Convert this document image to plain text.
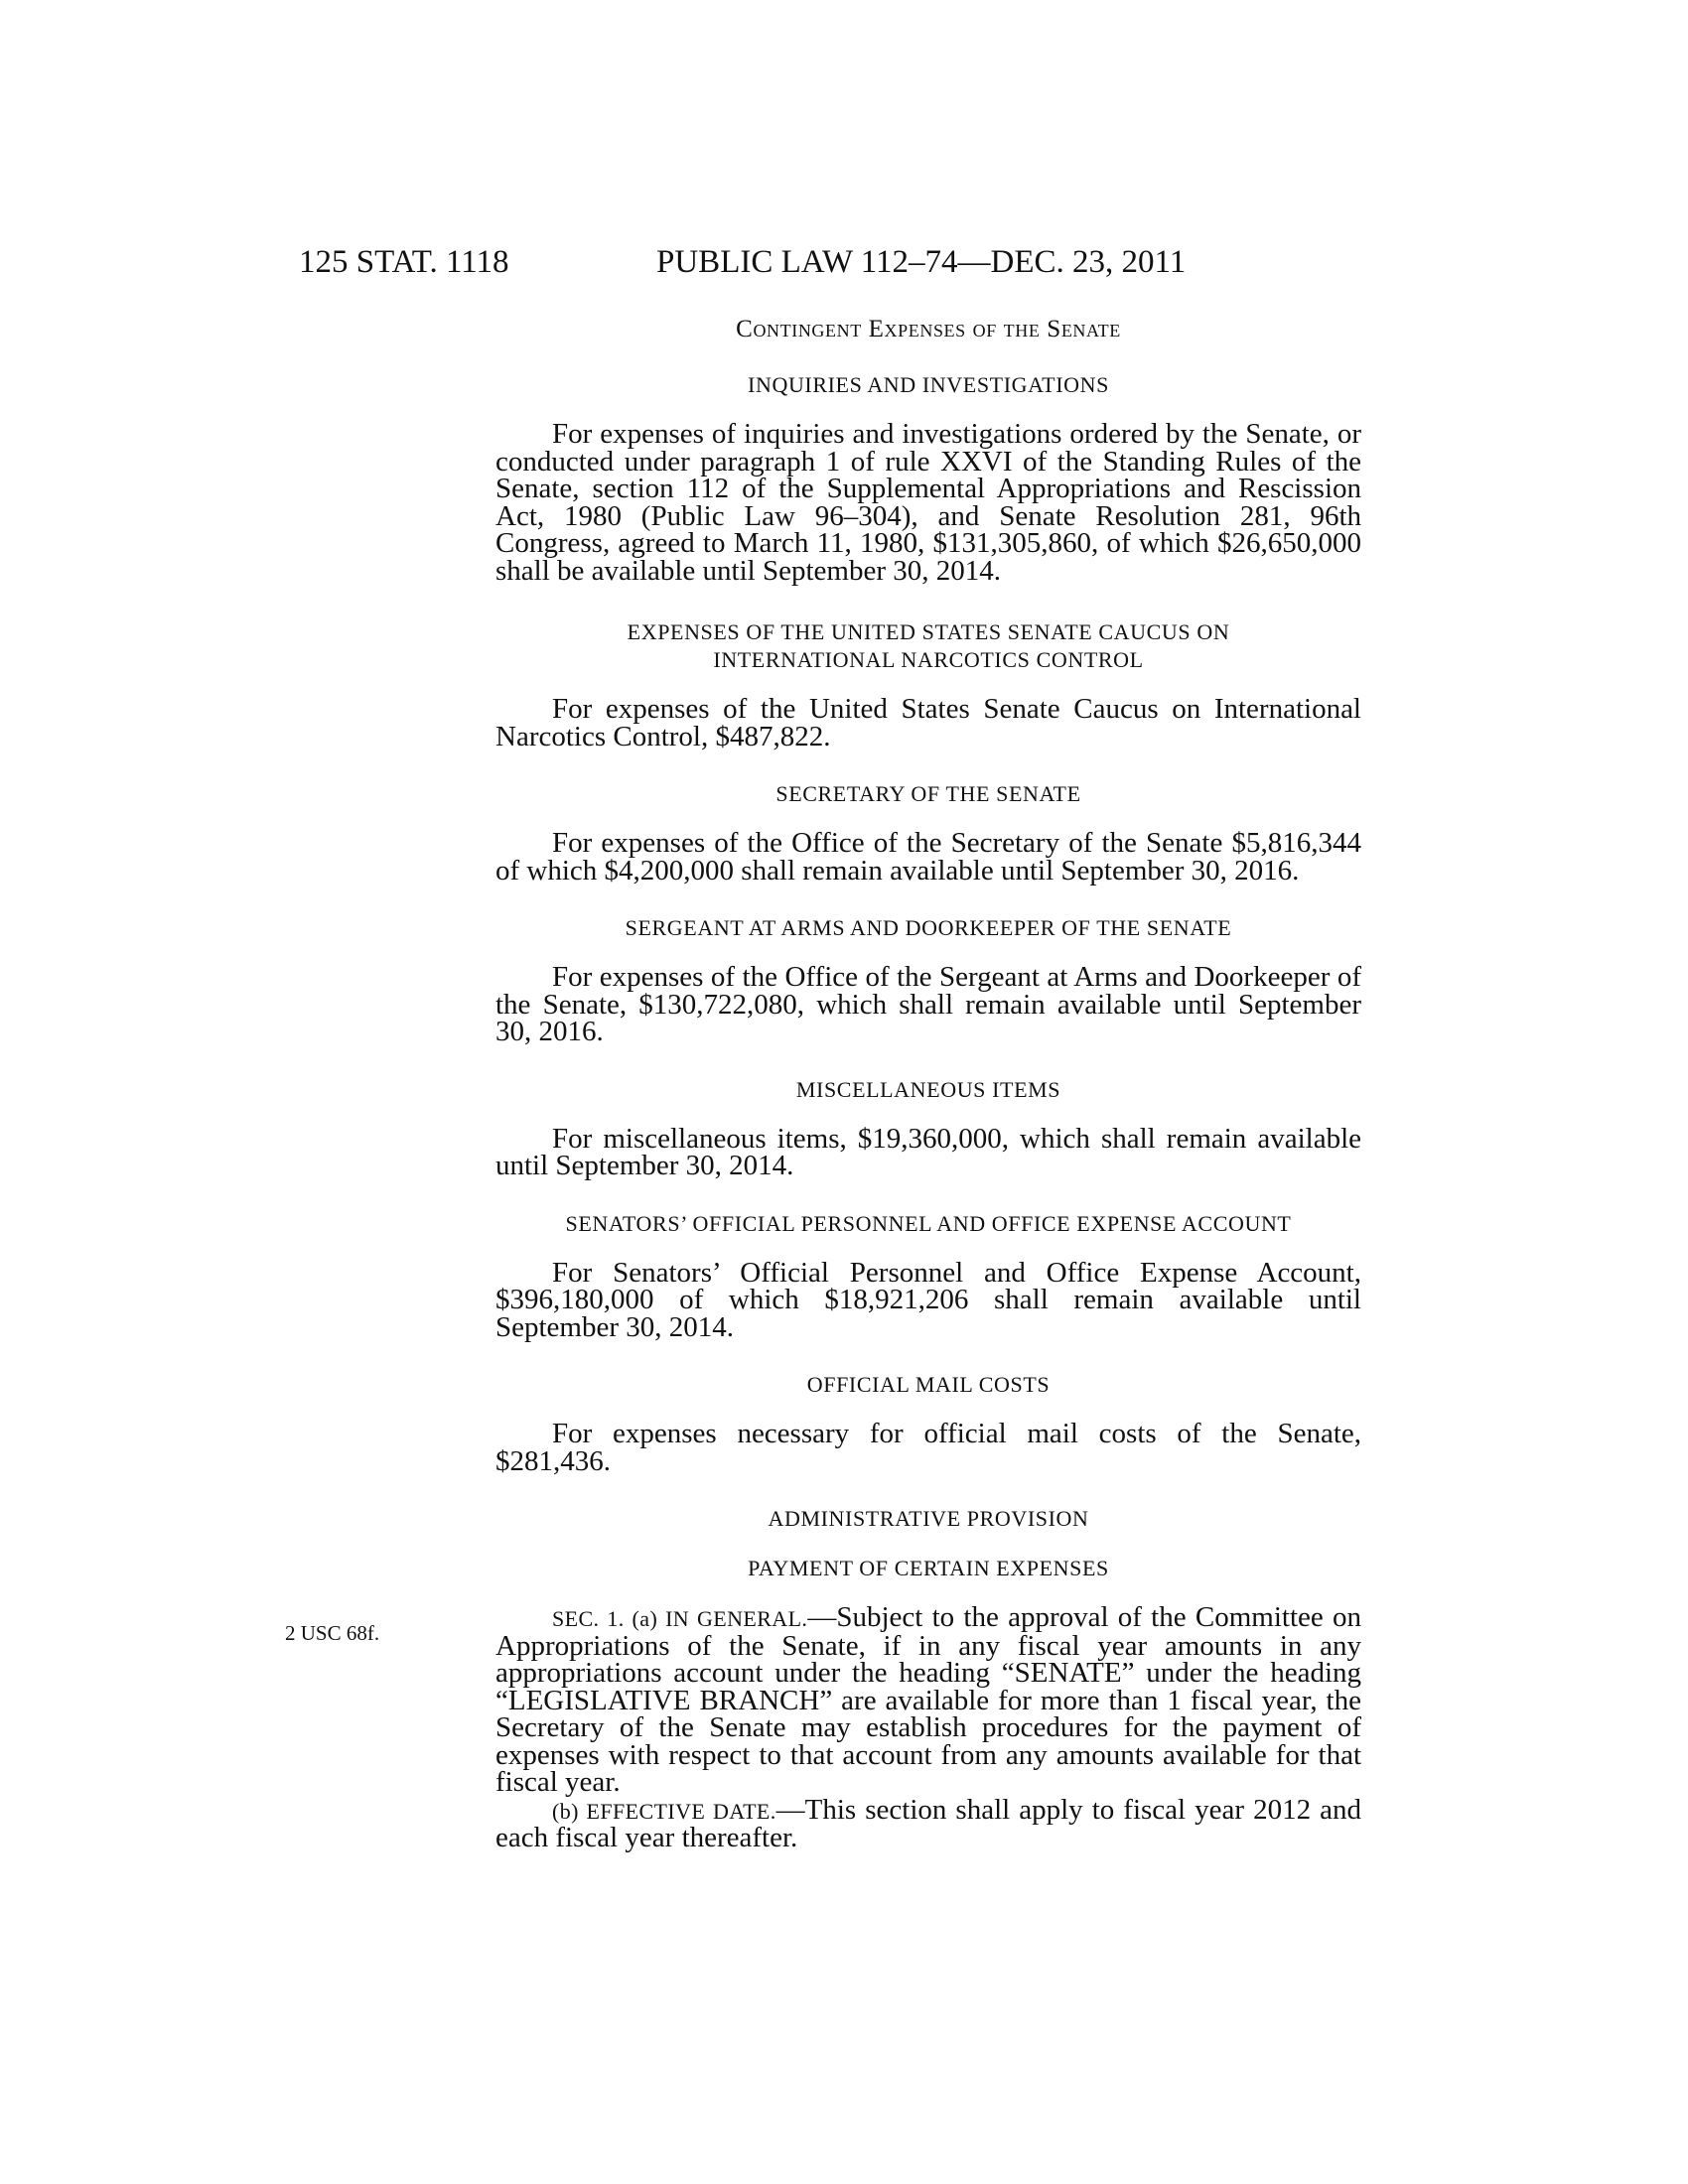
125 STAT. 1118	PUBLIC LAW 112–74—DEC. 23, 2011
2 USC 68f.
Contingent Expenses of the Senate
INQUIRIES AND INVESTIGATIONS

For expenses of inquiries and investigations ordered by the Senate, or conducted under paragraph 1 of rule XXVI of the Standing Rules of the Senate, section 112 of the Supplemental Appropriations and Rescission Act, 1980 (Public Law 96–304), and Senate Resolution 281, 96th Congress, agreed to March 11, 1980, $131,305,860, of which $26,650,000 shall be available until September 30, 2014.

EXPENSES OF THE UNITED STATES SENATE CAUCUS ON
INTERNATIONAL NARCOTICS CONTROL

For expenses of the United States Senate Caucus on International Narcotics Control, $487,822.

SECRETARY OF THE SENATE

For expenses of the Office of the Secretary of the Senate $5,816,344 of which $4,200,000 shall remain available until September 30, 2016.

SERGEANT AT ARMS AND DOORKEEPER OF THE SENATE

For expenses of the Office of the Sergeant at Arms and Doorkeeper of the Senate, $130,722,080, which shall remain available until September 30, 2016.

MISCELLANEOUS ITEMS

For miscellaneous items, $19,360,000, which shall remain available until September 30, 2014.

SENATORS’ OFFICIAL PERSONNEL AND OFFICE EXPENSE ACCOUNT

For Senators’ Official Personnel and Office Expense Account, $396,180,000 of which $18,921,206 shall remain available until September 30, 2014.

OFFICIAL MAIL COSTS

For expenses necessary for official mail costs of the Senate, $281,436.

ADMINISTRATIVE PROVISION
PAYMENT OF CERTAIN EXPENSES

SEC. 1. (a) IN GENERAL.—Subject to the approval of the Committee on Appropriations of the Senate, if in any fiscal year amounts in any appropriations account under the heading “SENATE” under the heading “LEGISLATIVE BRANCH” are available for more than 1 fiscal year, the Secretary of the Senate may establish procedures for the payment of expenses with respect to that account from any amounts available for that fiscal year.

(b) EFFECTIVE DATE.—This section shall apply to fiscal year 2012 and each fiscal year thereafter.
